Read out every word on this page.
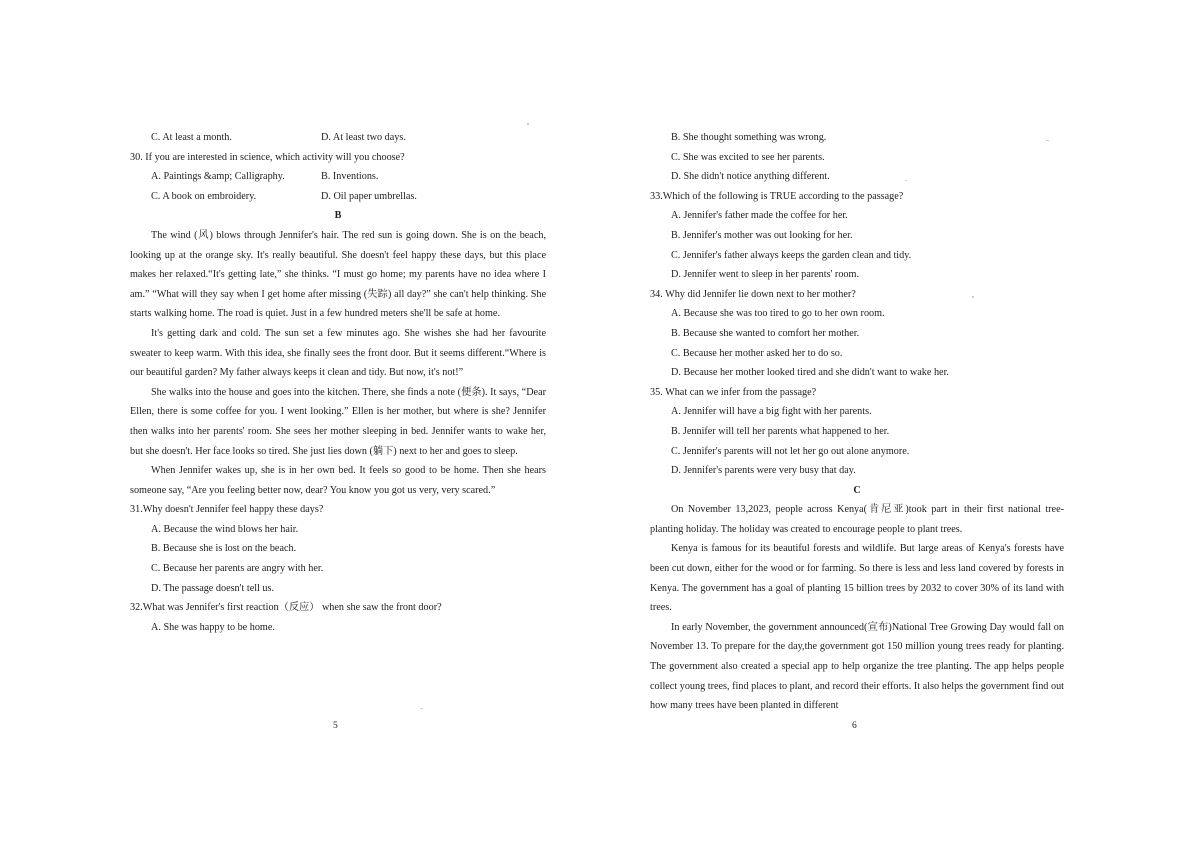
C. At least a month.	D. At least two days.
30. If you are interested in science, which activity will you choose?
A. Paintings &amp; Calligraphy.	B. Inventions.
C. A book on embroidery.	D. Oil paper umbrellas.
B
The wind (风) blows through Jennifer's hair. The red sun is going down. She is on the beach, looking up at the orange sky. It's really beautiful. She doesn't feel happy these days, but this place makes her relaxed.“It's getting late,” she thinks. “I must go home; my parents have no idea where I am.” “What will they say when I get home after missing (失踪) all day?” she can't help thinking. She starts walking home. The road is quiet. Just in a few hundred meters she'll be safe at home.
It's getting dark and cold. The sun set a few minutes ago. She wishes she had her favourite sweater to keep warm. With this idea, she finally sees the front door. But it seems different.“Where is our beautiful garden? My father always keeps it clean and tidy. But now, it's not!”
She walks into the house and goes into the kitchen. There, she finds a note (便条). It says, “Dear Ellen, there is some coffee for you. I went looking.” Ellen is her mother, but where is she? Jennifer then walks into her parents' room. She sees her mother sleeping in bed. Jennifer wants to wake her, but she doesn't. Her face looks so tired. She just lies down (躺下) next to her and goes to sleep.
When Jennifer wakes up, she is in her own bed. It feels so good to be home. Then she hears someone say, “Are you feeling better now, dear? You know you got us very, very scared.”
31.Why doesn't Jennifer feel happy these days?
A. Because the wind blows her hair.
B. Because she is lost on the beach.
C. Because her parents are angry with her.
D. The passage doesn't tell us.
32.What was Jennifer's first reaction（反应） when she saw the front door?
A. She was happy to be home.
5
B. She thought something was wrong.
C. She was excited to see her parents.
D. She didn't notice anything different.
33.Which of the following is TRUE according to the passage?
A. Jennifer's father made the coffee for her.
B. Jennifer's mother was out looking for her.
C. Jennifer's father always keeps the garden clean and tidy.
D. Jennifer went to sleep in her parents' room.
34. Why did Jennifer lie down next to her mother?
A. Because she was too tired to go to her own room.
B. Because she wanted to comfort her mother.
C. Because her mother asked her to do so.
D. Because her mother looked tired and she didn't want to wake her.
35. What can we infer from the passage?
A. Jennifer will have a big fight with her parents.
B. Jennifer will tell her parents what happened to her.
C. Jennifer's parents will not let her go out alone anymore.
D. Jennifer's parents were very busy that day.
C
On November 13,2023, people across Kenya(肯尼亚)took part in their first national tree- planting holiday. The holiday was created to encourage people to plant trees.
Kenya is famous for its beautiful forests and wildlife. But large areas of Kenya's forests have been cut down, either for the wood or for farming. So there is less and less land covered by forests in Kenya. The government has a goal of planting 15 billion trees by 2032 to cover 30% of its land with trees.
In early November, the government announced(宣布)National Tree Growing Day would fall on November 13. To prepare for the day,the government got 150 million young trees ready for planting. The government also created a special app to help organize the tree planting. The app helps people collect young trees, find places to plant, and record their efforts. It also helps the government find out how many trees have been planted in different
6
